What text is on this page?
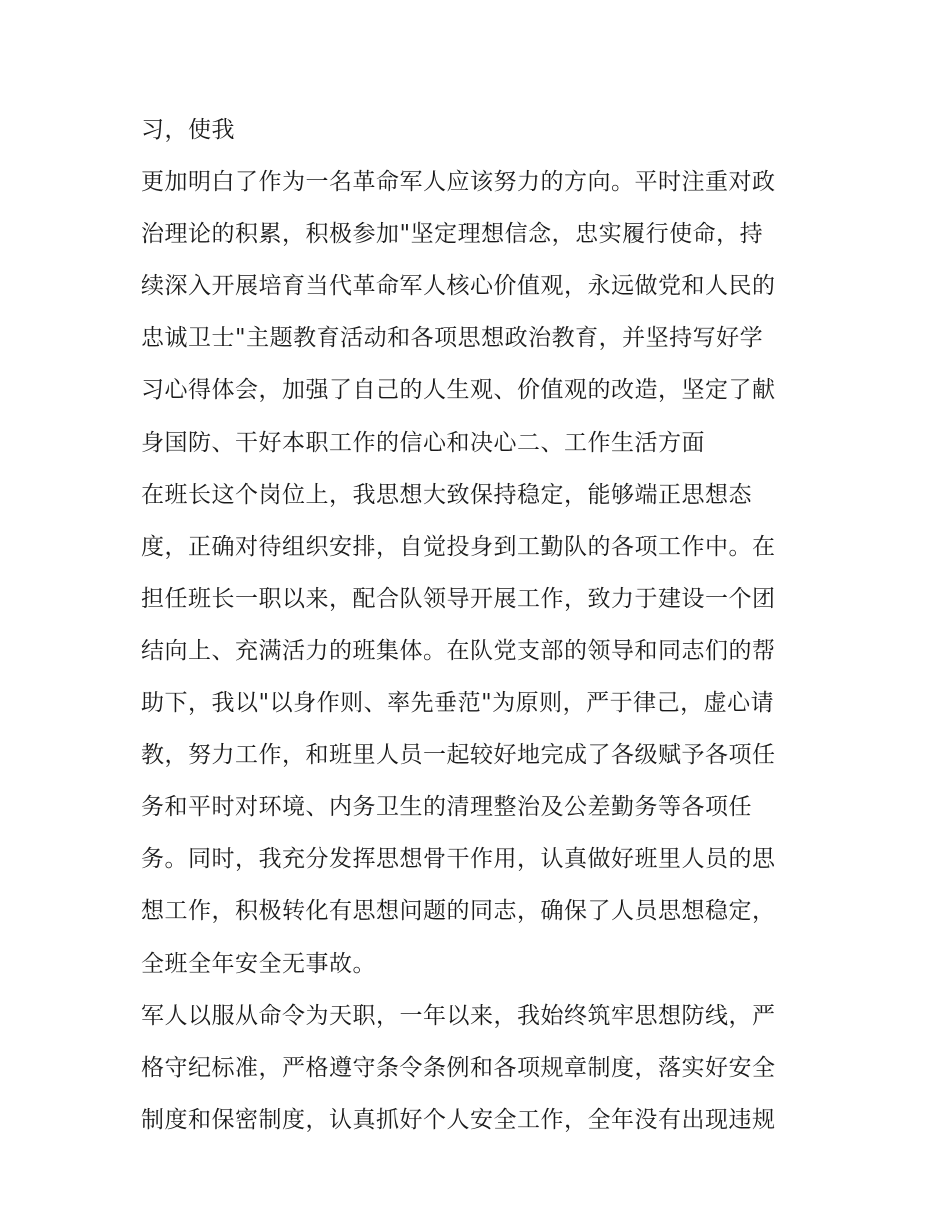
习，使我
更加明白了作为一名革命军人应该努力的方向。平时注重对政
治理论的积累，积极参加"坚定理想信念，忠实履行使命，持
续深入开展培育当代革命军人核心价值观，永远做党和人民的
忠诚卫士"主题教育活动和各项思想政治教育，并坚持写好学
习心得体会，加强了自己的人生观、价值观的改造，坚定了献
身国防、干好本职工作的信心和决心二、工作生活方面
在班长这个岗位上，我思想大致保持稳定，能够端正思想态
度，正确对待组织安排，自觉投身到工勤队的各项工作中。在
担任班长一职以来，配合队领导开展工作，致力于建设一个团
结向上、充满活力的班集体。在队党支部的领导和同志们的帮
助下，我以"以身作则、率先垂范"为原则，严于律己，虚心请
教，努力工作，和班里人员一起较好地完成了各级赋予各项任
务和平时对环境、内务卫生的清理整治及公差勤务等各项任
务。同时，我充分发挥思想骨干作用，认真做好班里人员的思
想工作，积极转化有思想问题的同志，确保了人员思想稳定，
全班全年安全无事故。
军人以服从命令为天职，一年以来，我始终筑牢思想防线，严
格守纪标准，严格遵守条令条例和各项规章制度，落实好安全
制度和保密制度，认真抓好个人安全工作，全年没有出现违规
